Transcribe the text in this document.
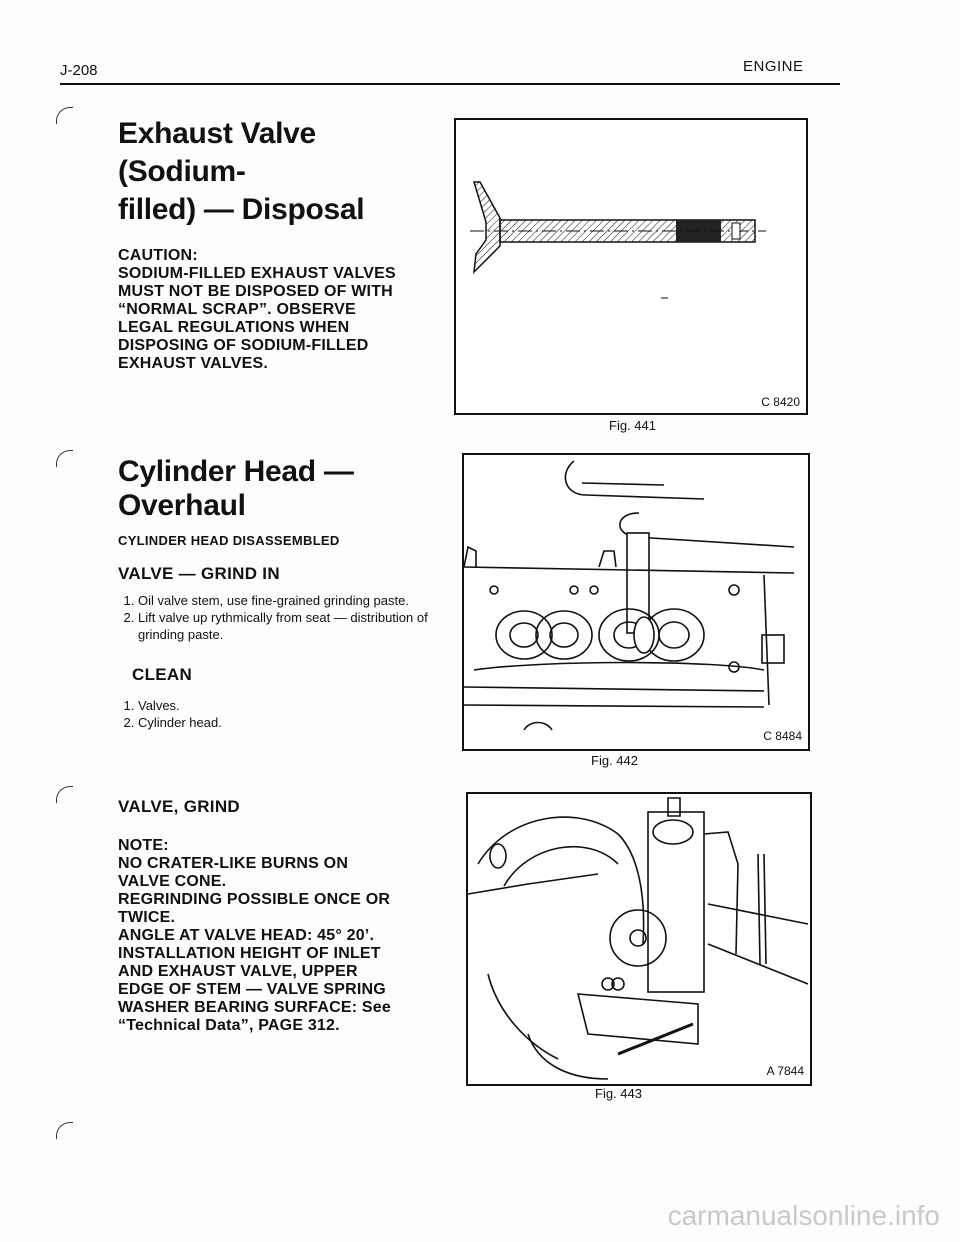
J-208	ENGINE
Exhaust Valve (Sodium-
filled) — Disposal
CAUTION:
SODIUM-FILLED EXHAUST VALVES
MUST NOT BE DISPOSED OF WITH
“NORMAL SCRAP”. OBSERVE
LEGAL REGULATIONS WHEN
DISPOSING OF SODIUM-FILLED
EXHAUST VALVES.
Cylinder Head —
Overhaul
CYLINDER HEAD DISASSEMBLED
VALVE — GRIND IN
1. Oil valve stem, use fine-grained grinding paste.
2. Lift valve up rythmically from seat — distribution of grinding paste.
CLEAN
1. Valves.
2. Cylinder head.
VALVE, GRIND
NOTE:
NO CRATER-LIKE BURNS ON
VALVE CONE.
REGRINDING POSSIBLE ONCE OR
TWICE.
ANGLE AT VALVE HEAD: 45° 20’.
INSTALLATION HEIGHT OF INLET
AND EXHAUST VALVE, UPPER
EDGE OF STEM — VALVE SPRING
WASHER BEARING SURFACE: See
“Technical Data”, PAGE 312.
C 8420
Fig. 441
C 8484
Fig. 442
A 7844
Fig. 443
carmanualsonline.info
